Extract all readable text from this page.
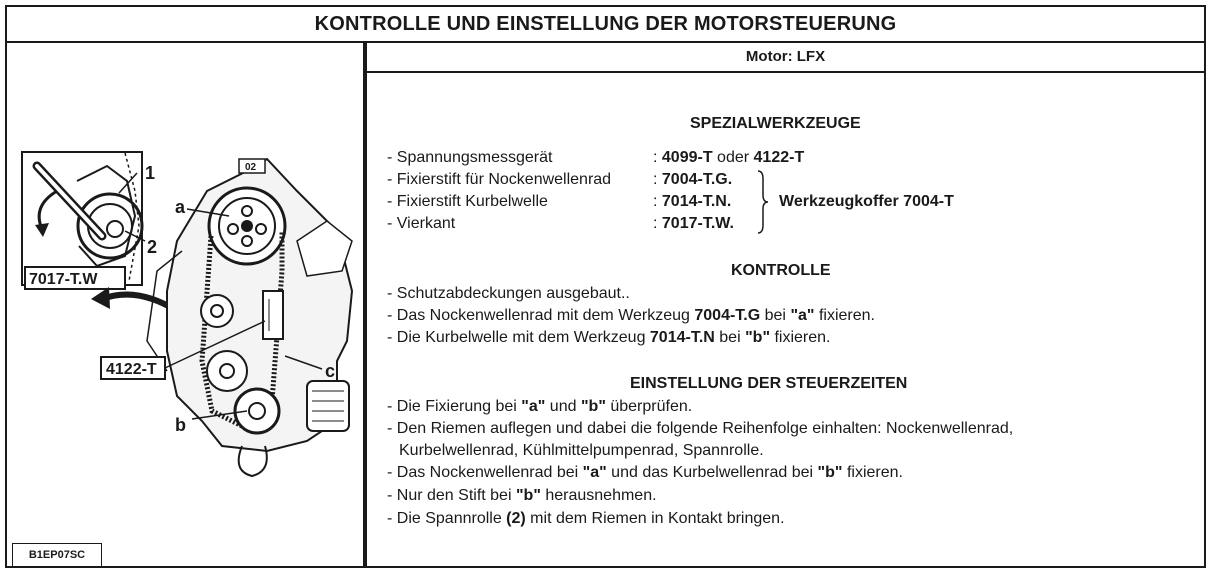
KONTROLLE UND EINSTELLUNG DER MOTORSTEUERUNG
1
2
7017-T.W
a
4122-T	c
b
02
B1EP07SC
Motor: LFX
SPEZIALWERKZEUGE
- Spannungsmessgerät	: 4099-T oder 4122-T
- Fixierstift für Nockenwellenrad	: 7004-T.G.
- Fixierstift Kurbelwelle	: 7014-T.N.
- Vierkant	: 7017-T.W.
Werkzeugkoffer 7004-T
KONTROLLE
- Schutzabdeckungen ausgebaut..
- Das Nockenwellenrad mit dem Werkzeug 7004-T.G bei "a" fixieren.
- Die Kurbelwelle mit dem Werkzeug 7014-T.N bei "b" fixieren.
EINSTELLUNG DER STEUERZEITEN
- Die Fixierung bei "a" und "b" überprüfen.
- Den Riemen auflegen und dabei die folgende Reihenfolge einhalten: Nockenwellenrad,
Kurbelwellenrad, Kühlmittelpumpenrad, Spannrolle.
- Das Nockenwellenrad bei "a" und das Kurbelwellenrad bei "b" fixieren.
- Nur den Stift bei "b" herausnehmen.
- Die Spannrolle (2) mit dem Riemen in Kontakt bringen.
